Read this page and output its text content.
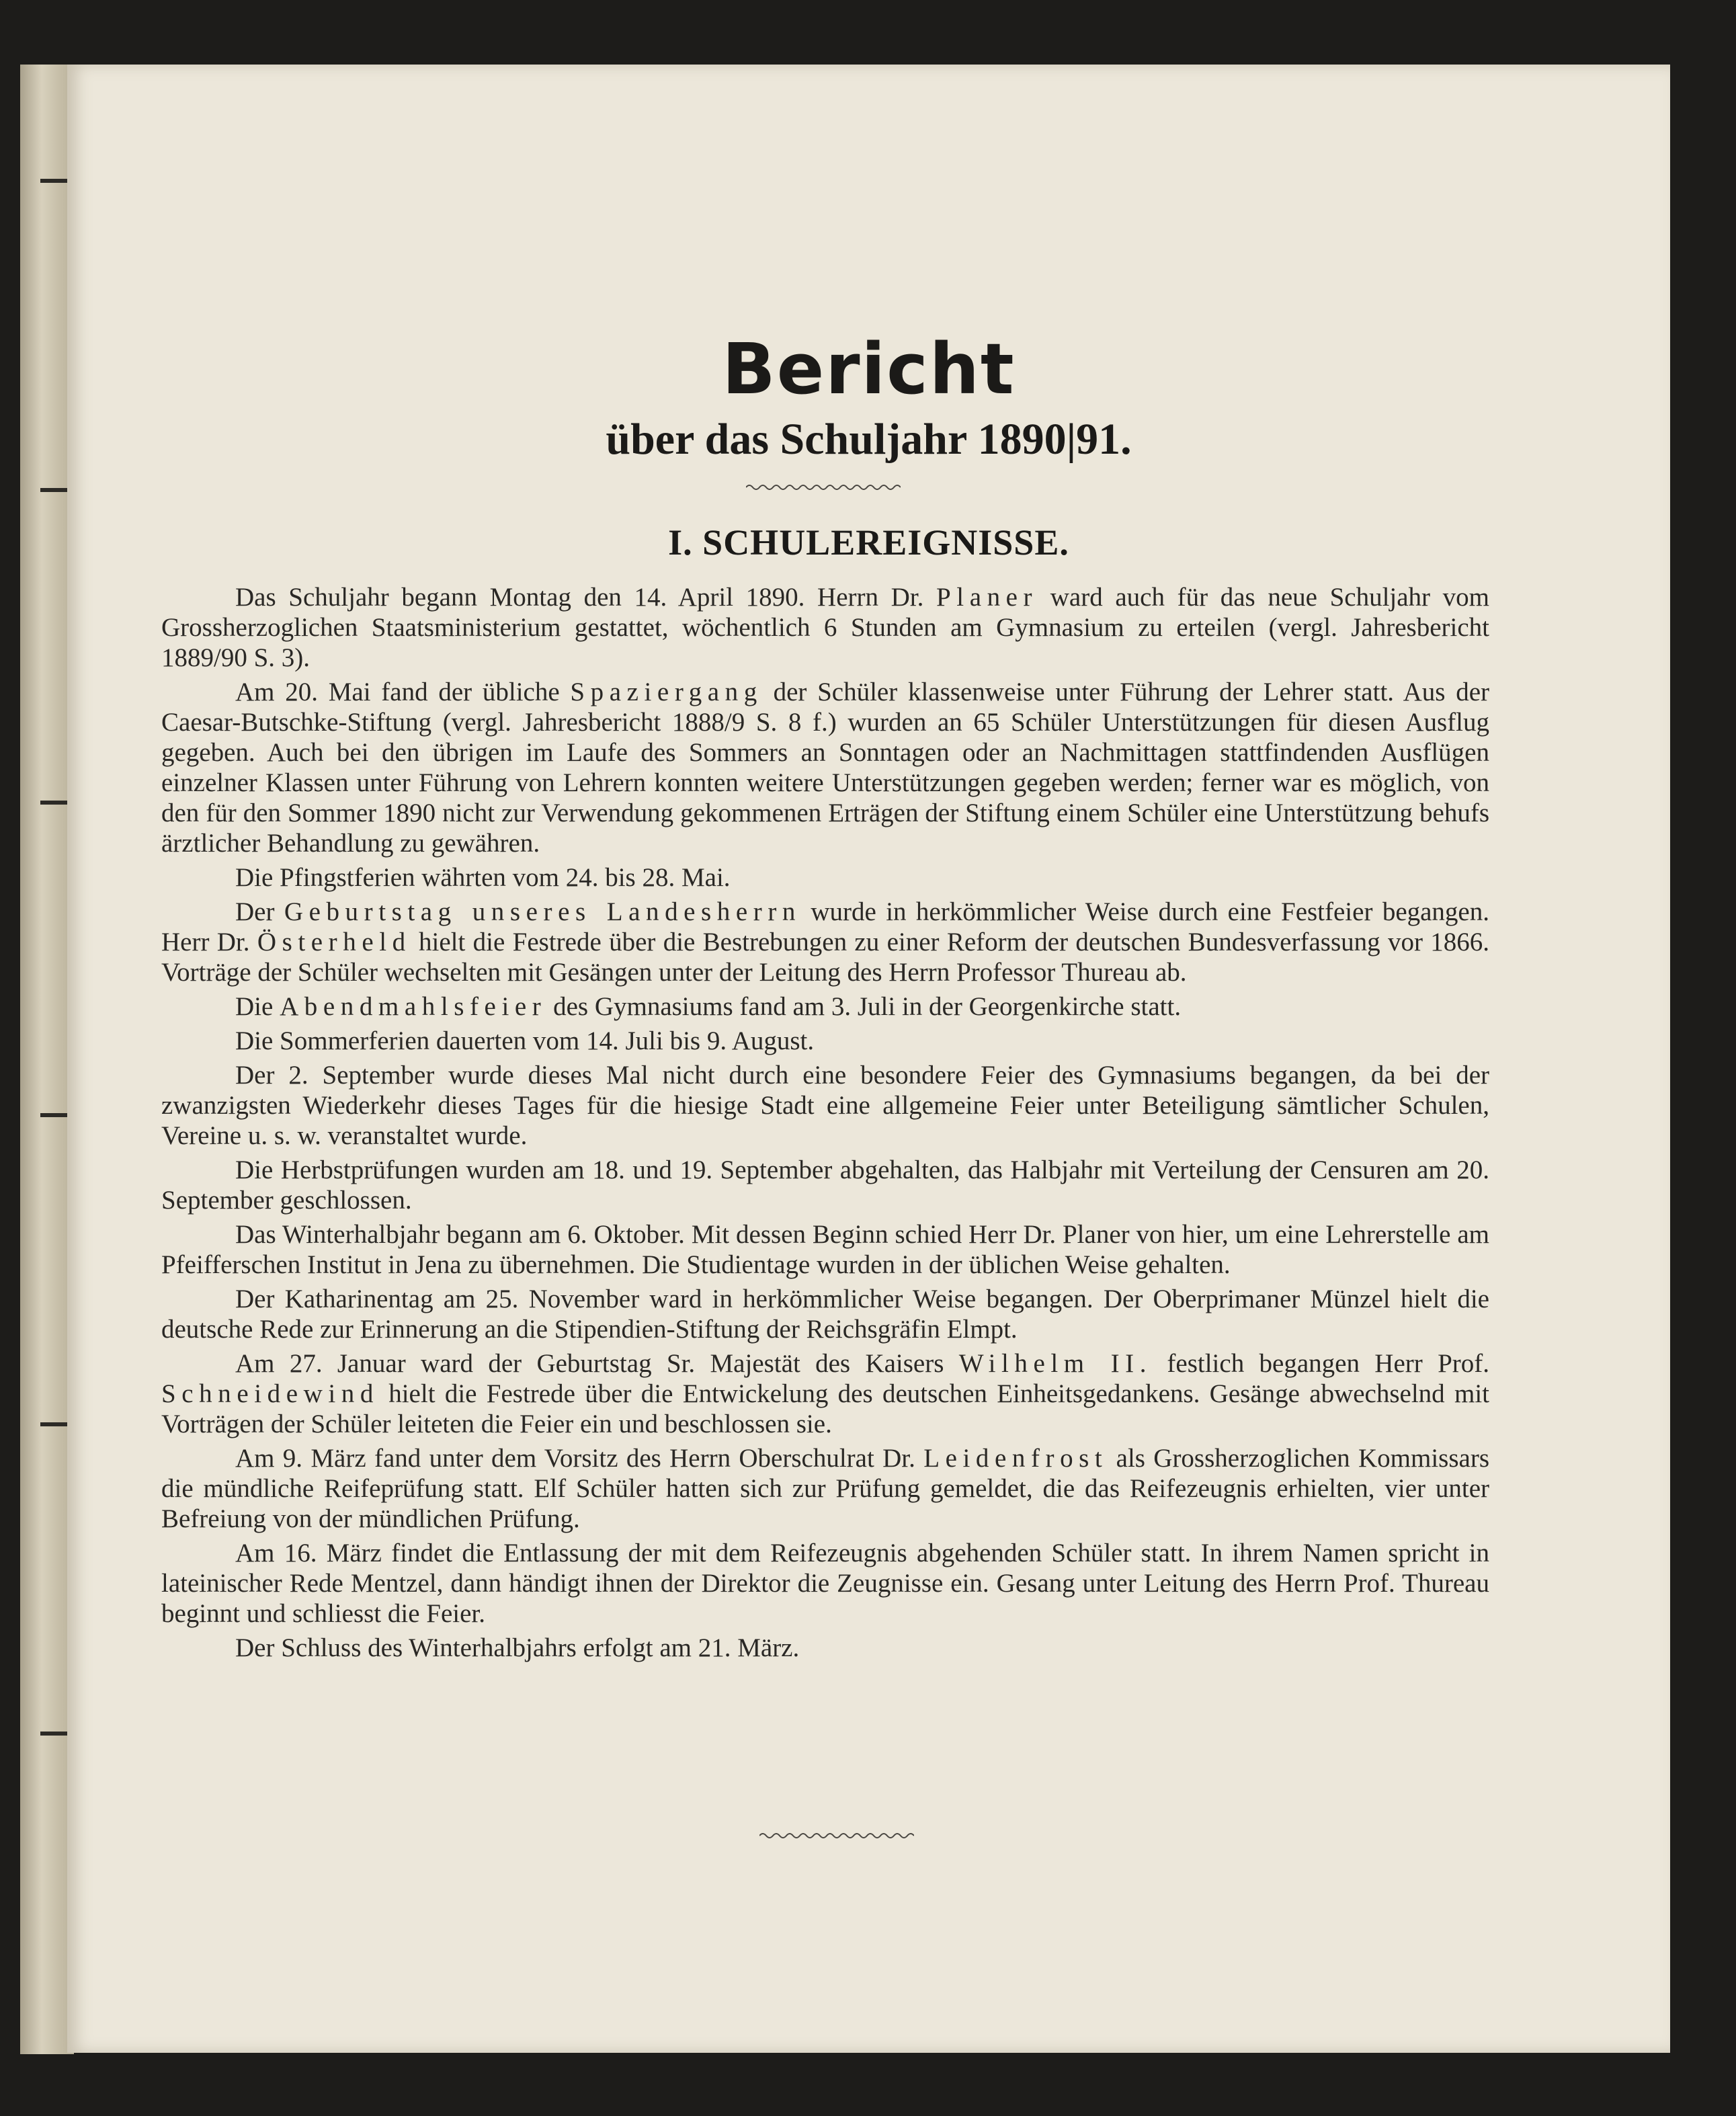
Bericht
über das Schuljahr 1890|91.
I. SCHULEREIGNISSE.

Das Schuljahr begann Montag den 14. April 1890. Herrn Dr. Planer ward auch für das neue Schuljahr vom Grossherzoglichen Staatsministerium gestattet, wöchentlich 6 Stunden am Gymnasium zu erteilen (vergl. Jahresbericht 1889/90 S. 3).

Am 20. Mai fand der übliche Spaziergang der Schüler klassenweise unter Führung der Lehrer statt. Aus der Caesar-Butschke-Stiftung (vergl. Jahresbericht 1888/9 S. 8 f.) wurden an 65 Schüler Unterstützungen für diesen Ausflug gegeben. Auch bei den übrigen im Laufe des Sommers an Sonntagen oder an Nachmittagen stattfindenden Ausflügen einzelner Klassen unter Führung von Lehrern konnten weitere Unterstützungen gegeben werden; ferner war es möglich, von den für den Sommer 1890 nicht zur Verwendung gekommenen Erträgen der Stiftung einem Schüler eine Unterstützung behufs ärztlicher Behandlung zu gewähren.

Die Pfingstferien währten vom 24. bis 28. Mai.

Der Geburtstag unseres Landesherrn wurde in herkömmlicher Weise durch eine Festfeier begangen. Herr Dr. Österheld hielt die Festrede über die Bestrebungen zu einer Reform der deutschen Bundesverfassung vor 1866. Vorträge der Schüler wechselten mit Gesängen unter der Leitung des Herrn Professor Thureau ab.

Die Abendmahlsfeier des Gymnasiums fand am 3. Juli in der Georgenkirche statt.

Die Sommerferien dauerten vom 14. Juli bis 9. August.

Der 2. September wurde dieses Mal nicht durch eine besondere Feier des Gymnasiums begangen, da bei der zwanzigsten Wiederkehr dieses Tages für die hiesige Stadt eine allgemeine Feier unter Beteiligung sämtlicher Schulen, Vereine u. s. w. veranstaltet wurde.

Die Herbstprüfungen wurden am 18. und 19. September abgehalten, das Halbjahr mit Verteilung der Censuren am 20. September geschlossen.

Das Winterhalbjahr begann am 6. Oktober. Mit dessen Beginn schied Herr Dr. Planer von hier, um eine Lehrerstelle am Pfeifferschen Institut in Jena zu übernehmen. Die Studientage wurden in der üblichen Weise gehalten.

Der Katharinentag am 25. November ward in herkömmlicher Weise begangen. Der Oberprimaner Münzel hielt die deutsche Rede zur Erinnerung an die Stipendien-Stiftung der Reichsgräfin Elmpt.

Am 27. Januar ward der Geburtstag Sr. Majestät des Kaisers Wilhelm II. festlich begangen Herr Prof. Schneidewind hielt die Festrede über die Entwickelung des deutschen Einheitsgedankens. Gesänge abwechselnd mit Vorträgen der Schüler leiteten die Feier ein und beschlossen sie.

Am 9. März fand unter dem Vorsitz des Herrn Oberschulrat Dr. Leidenfrost als Grossherzoglichen Kommissars die mündliche Reifeprüfung statt. Elf Schüler hatten sich zur Prüfung gemeldet, die das Reifezeugnis erhielten, vier unter Befreiung von der mündlichen Prüfung.

Am 16. März findet die Entlassung der mit dem Reifezeugnis abgehenden Schüler statt. In ihrem Namen spricht in lateinischer Rede Mentzel, dann händigt ihnen der Direktor die Zeugnisse ein. Gesang unter Leitung des Herrn Prof. Thureau beginnt und schliesst die Feier.

Der Schluss des Winterhalbjahrs erfolgt am 21. März.
